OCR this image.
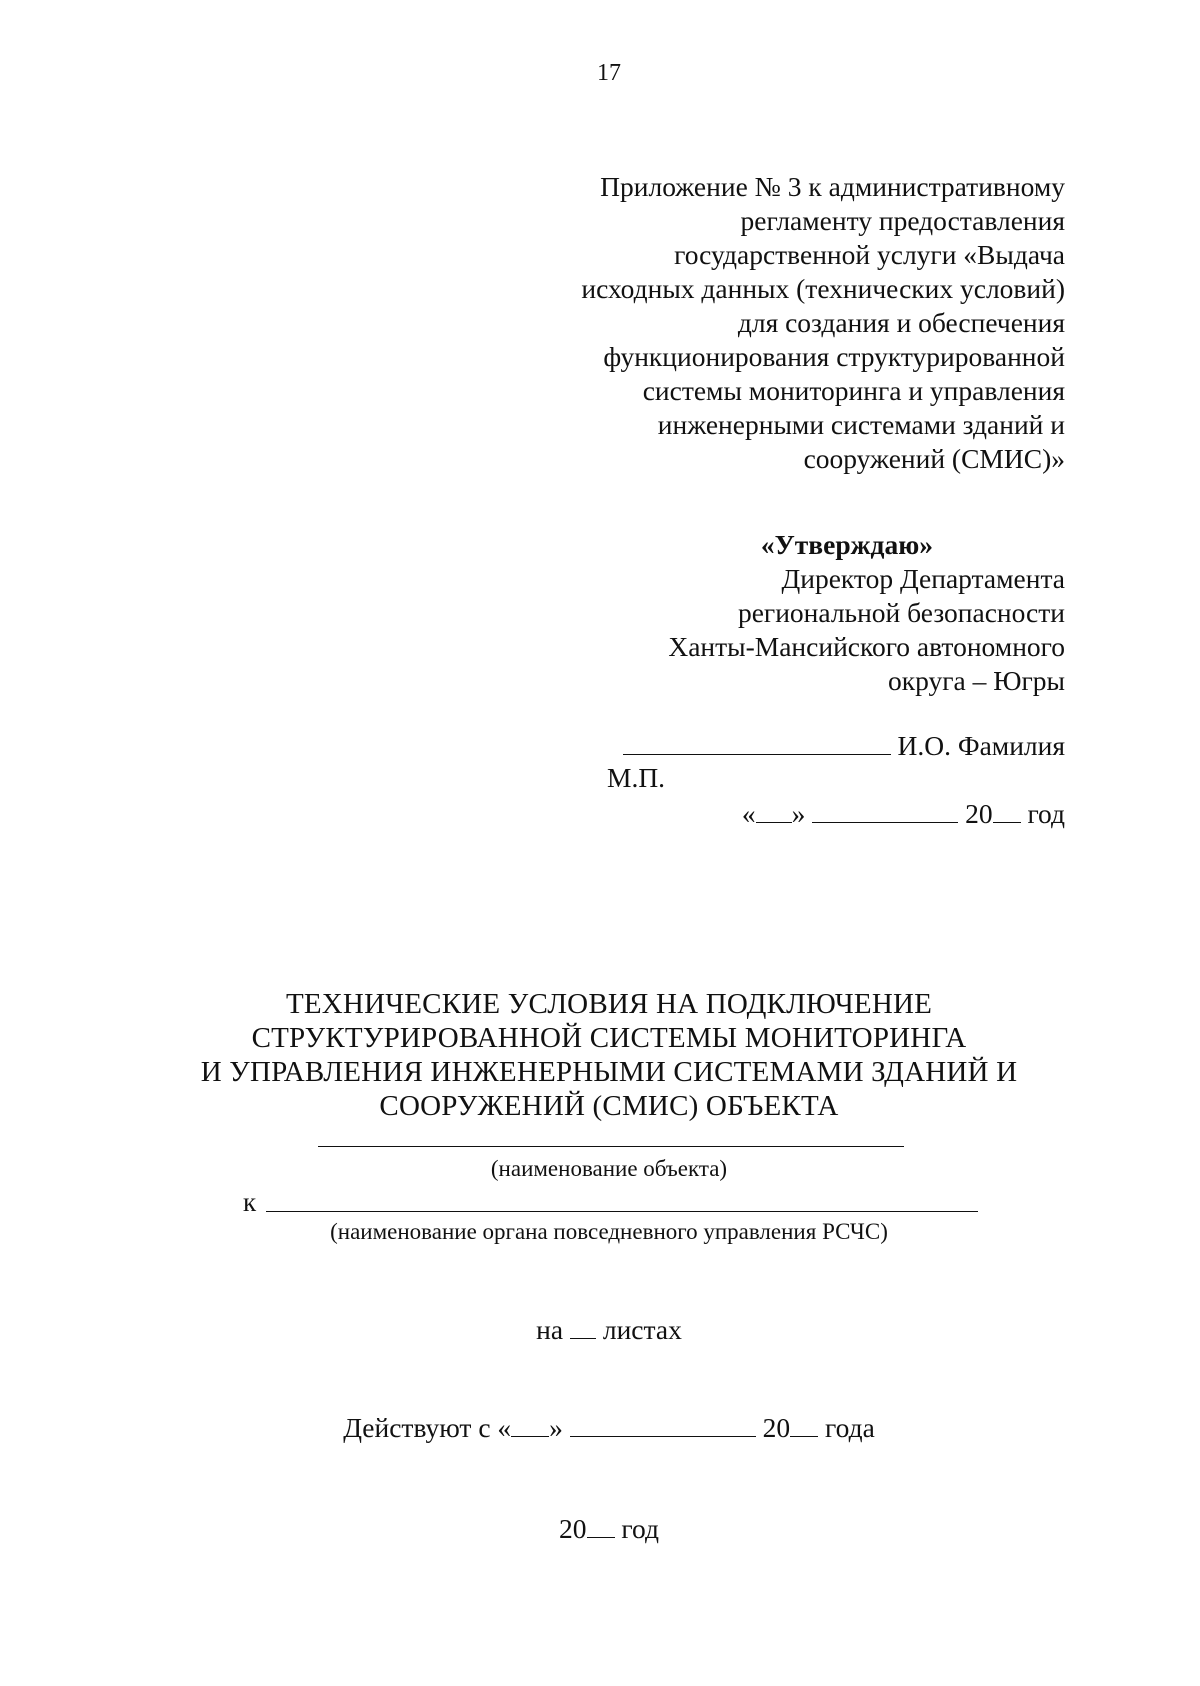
17
Приложение № 3 к административному
регламенту предоставления
государственной услуги «Выдача
исходных данных (технических условий)
для создания и обеспечения
функционирования структурированной
системы мониторинга и управления
инженерными системами зданий и
сооружений (СМИС)»
«Утверждаю»
Директор Департамента
региональной безопасности
Ханты-Мансийского автономного
округа – Югры
И.О. Фамилия
М.П.
« »	20 год
ТЕХНИЧЕСКИЕ УСЛОВИЯ НА ПОДКЛЮЧЕНИЕ
СТРУКТУРИРОВАННОЙ СИСТЕМЫ МОНИТОРИНГА
И УПРАВЛЕНИЯ ИНЖЕНЕРНЫМИ СИСТЕМАМИ ЗДАНИЙ И
СООРУЖЕНИЙ (СМИС) ОБЪЕКТА
(наименование объекта)
к
(наименование органа повседневного управления РСЧС)
на листах
Действуют с « »	20 года
20 год
